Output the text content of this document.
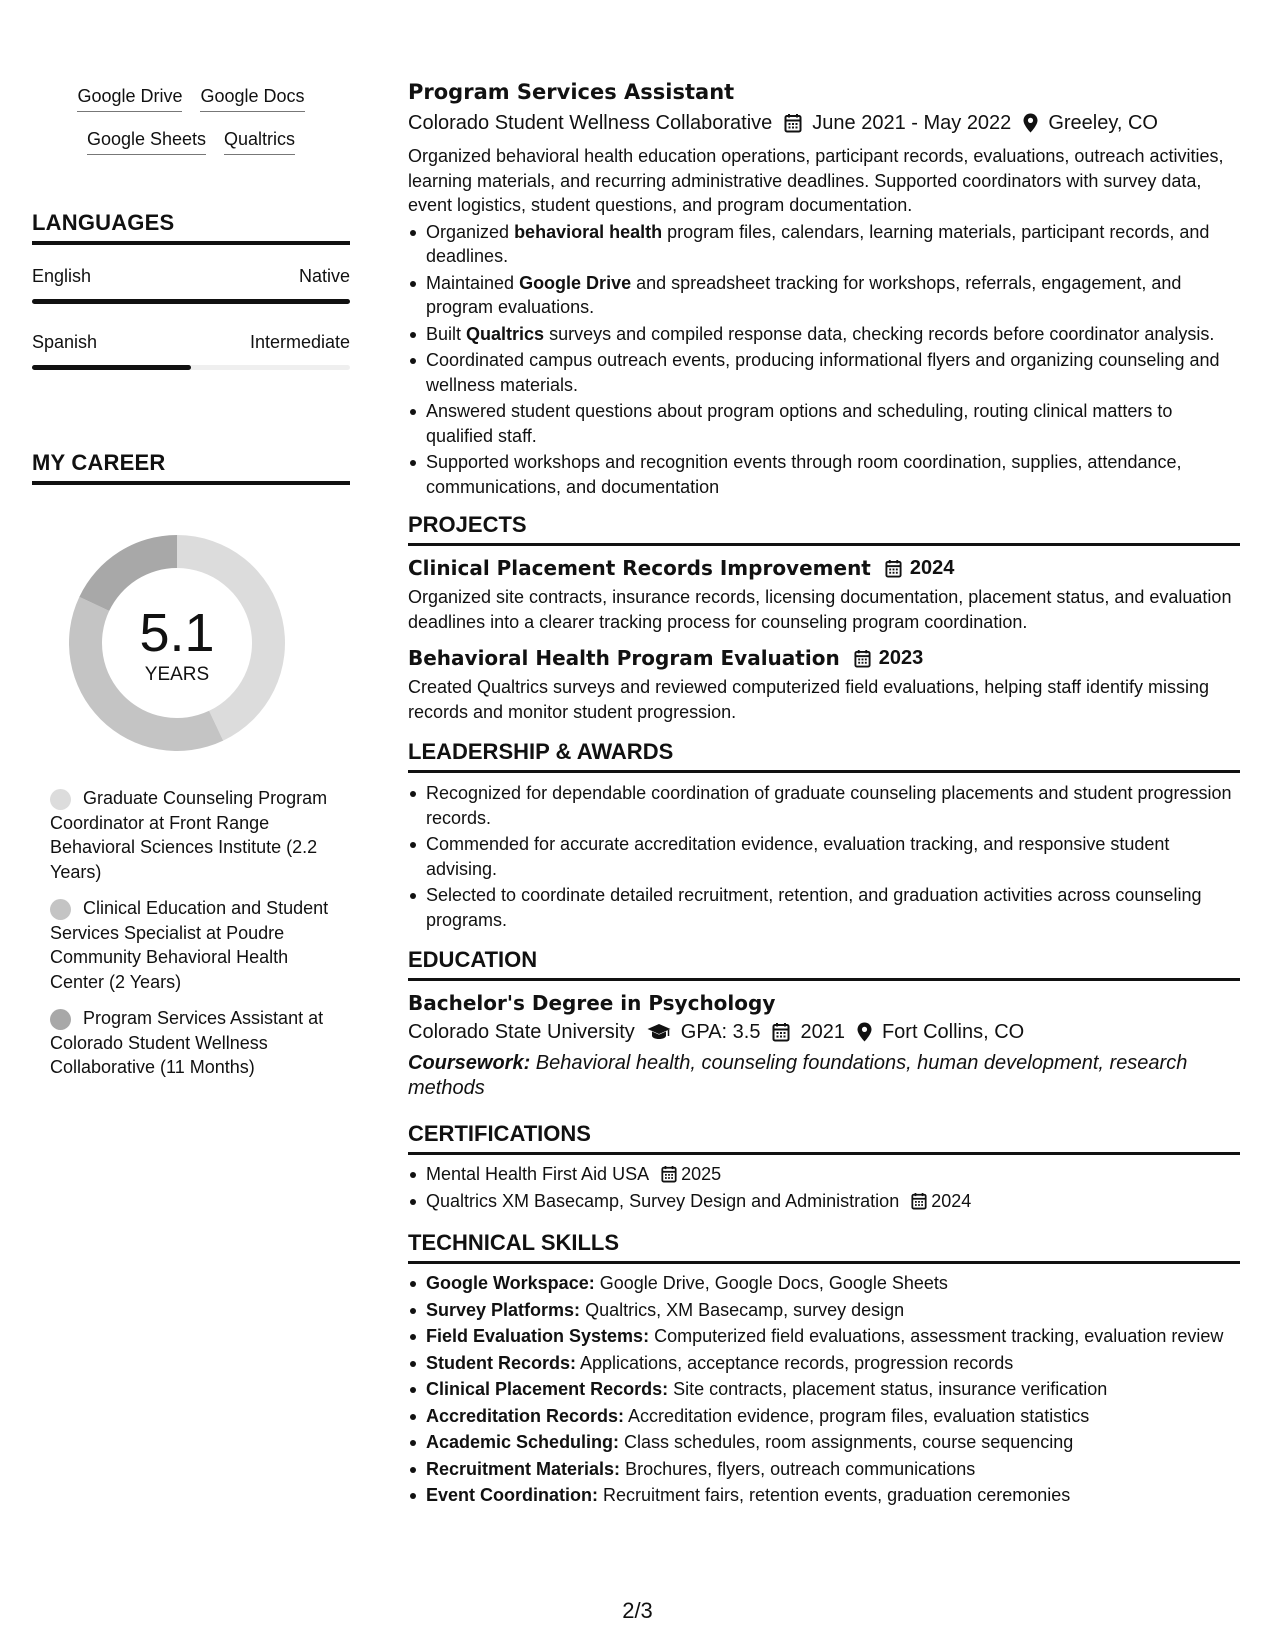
Google Drive Google Docs
Google Sheets Qualtrics
LANGUAGES
English	Native
Spanish	Intermediate
MY CAREER
5.1
YEARS
Graduate Counseling Program Coordinator at Front Range Behavioral Sciences Institute (2.2 Years)
Clinical Education and Student Services Specialist at Poudre Community Behavioral Health Center (2 Years)
Program Services Assistant at Colorado Student Wellness Collaborative (11 Months)
Program Services Assistant
Colorado Student Wellness Collaborative June 2021 - May 2022 Greeley, CO

Organized behavioral health education operations, participant records, evaluations, outreach activities, learning materials, and recurring administrative deadlines. Supported coordinators with survey data, event logistics, student questions, and program documentation.

Organized behavioral health program files, calendars, learning materials, participant records, and deadlines.
Maintained Google Drive and spreadsheet tracking for workshops, referrals, engagement, and program evaluations.
Built Qualtrics surveys and compiled response data, checking records before coordinator analysis.
Coordinated campus outreach events, producing informational flyers and organizing counseling and wellness materials.
Answered student questions about program options and scheduling, routing clinical matters to qualified staff.
Supported workshops and recognition events through room coordination, supplies, attendance, communications, and documentation
PROJECTS
Clinical Placement Records Improvement 2024

Organized site contracts, insurance records, licensing documentation, placement status, and evaluation deadlines into a clearer tracking process for counseling program coordination.

Behavioral Health Program Evaluation 2023

Created Qualtrics surveys and reviewed computerized field evaluations, helping staff identify missing records and monitor student progression.

LEADERSHIP & AWARDS
Recognized for dependable coordination of graduate counseling placements and student progression records.
Commended for accurate accreditation evidence, evaluation tracking, and responsive student advising.
Selected to coordinate detailed recruitment, retention, and graduation activities across counseling programs.
EDUCATION
Bachelor's Degree in Psychology
Colorado State University GPA: 3.5 2021 Fort Collins, CO
Coursework: Behavioral health, counseling foundations, human development, research methods
CERTIFICATIONS
Mental Health First Aid USA 2025
Qualtrics XM Basecamp, Survey Design and Administration 2024
TECHNICAL SKILLS
Google Workspace: Google Drive, Google Docs, Google Sheets
Survey Platforms: Qualtrics, XM Basecamp, survey design
Field Evaluation Systems: Computerized field evaluations, assessment tracking, evaluation review
Student Records: Applications, acceptance records, progression records
Clinical Placement Records: Site contracts, placement status, insurance verification
Accreditation Records: Accreditation evidence, program files, evaluation statistics
Academic Scheduling: Class schedules, room assignments, course sequencing
Recruitment Materials: Brochures, flyers, outreach communications
Event Coordination: Recruitment fairs, retention events, graduation ceremonies
2/3
